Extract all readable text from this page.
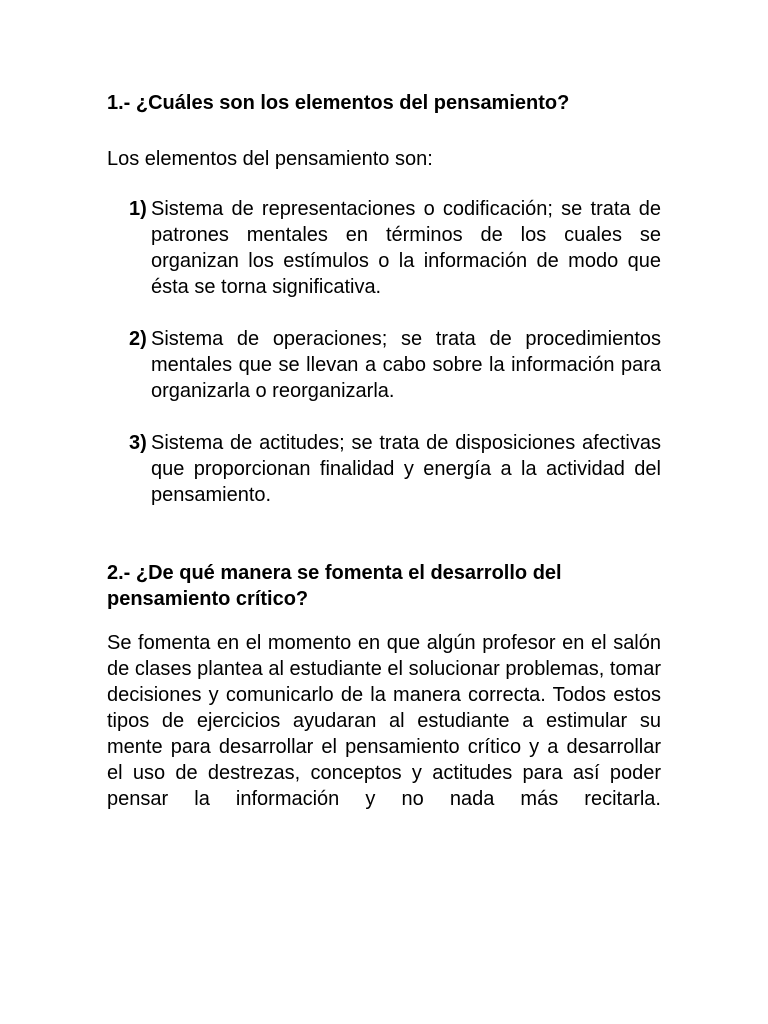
1.- ¿Cuáles son los elementos del pensamiento?

Los elementos del pensamiento son:

1) Sistema de representaciones o codificación; se trata de patrones mentales en términos de los cuales se organizan los estímulos o la información de modo que ésta se torna significativa.
2) Sistema de operaciones; se trata de procedimientos mentales que se llevan a cabo sobre la información para organizarla o reorganizarla.
3) Sistema de actitudes; se trata de disposiciones afectivas que proporcionan finalidad y energía a la actividad del pensamiento.
2.- ¿De qué manera se fomenta el desarrollo del pensamiento crítico?

Se fomenta en el momento en que algún profesor en el salón de clases plantea al estudiante el solucionar problemas, tomar decisiones y comunicarlo de la manera correcta. Todos estos tipos de ejercicios ayudaran al estudiante a estimular su mente para desarrollar el pensamiento crítico y a desarrollar el uso de destrezas, conceptos y actitudes para así poder pensar la información y no nada más recitarla.
